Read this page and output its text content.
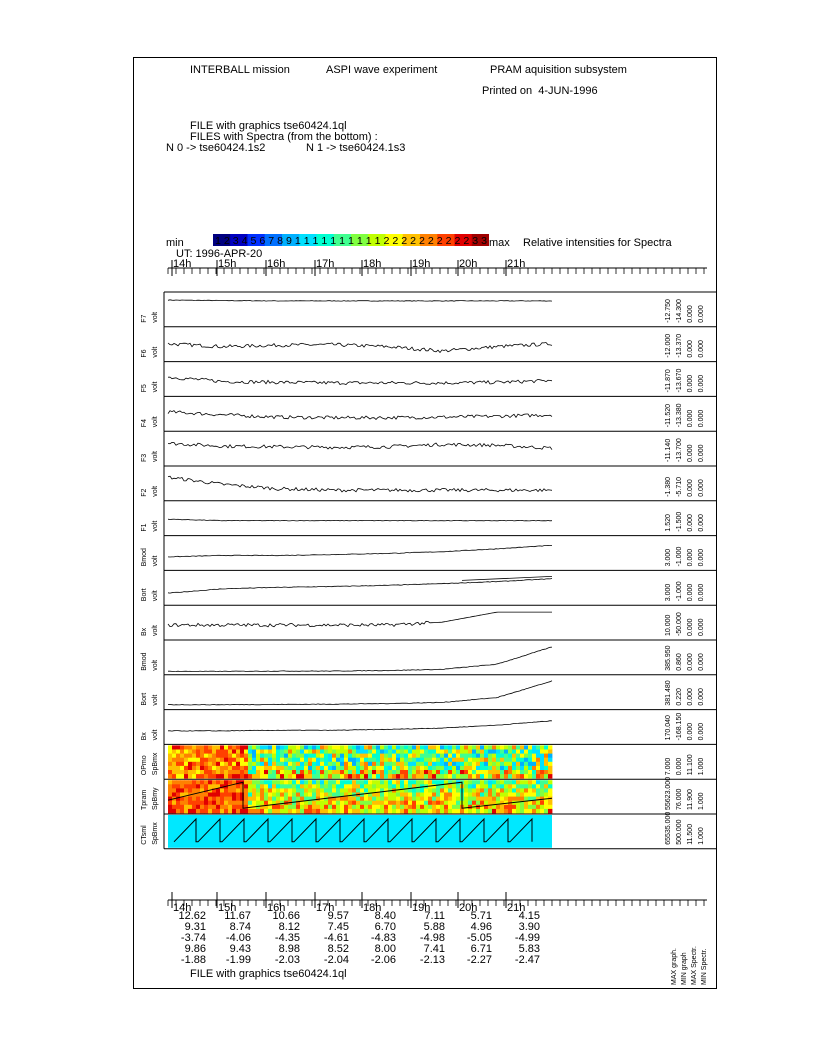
INTERBALL mission	ASPI wave experiment	PRAM aquisition subsystem
Printed on  4-JUN-1996
FILE with graphics tse60424.1ql
FILES with Spectra (from the bottom) :
N 0 -> tse60424.1s2	N 1 -> tse60424.1s3
min	1 2 3 4 5 6 7 8 9 1 1 1 1 1 1 1 1 1 1 2 2 2 2 2 2 2 2 2 2 3 3 max Relative intensities for Spectra
UT: 1996-APR-20
14h 15h	16h	17h	18h	19h	20h	21h
14h 15h	16h	17h	18h	19h	20h	21h
F7 volt	-12.750 -14.300 0.000 0.000
F6 volt	-12.000 -13.370 0.000 0.000
F5 volt	-11.870 -13.670 0.000 0.000
F4 volt	-11.520 -13.380 0.000 0.000
F3 volt	-11.140 -13.700 0.000 0.000
F2 volt	-1.380 -5.710 0.000 0.000
F1 volt	1.520 -1.500 0.000 0.000
Bmod volt	3.000 -1.000 0.000 0.000
Bort volt	3.000 -1.000 0.000 0.000
Bx volt	10.000 -50.000 0.000 0.000
Bmod volt	385.950 0.860 0.000 0.000
Bort volt	381.480 0.220 0.000 0.000
Bx volt	170.040 -168.150 0.000 0.000
OPmo SpBmx	7.000 0.000 11.100 1.000
Tpram SpBmy	55623.000 76.000 11.900 1.000
CTsml SpBmx	65535.000 500.000 11.500 1.000
MAX graph. MIN graph MAX Spectr. MIN Spectr.
12.62	11.67	10.66	9.57	8.40	7.11	5.71	4.15
9.31	8.74	8.12	7.45	6.70	5.88	4.96	3.90
-3.74	-4.06	-4.35	-4.61	-4.83	-4.98	-5.05	-4.99
9.86	9.43	8.98	8.52	8.00	7.41	6.71	5.83
-1.88	-1.99	-2.03	-2.04	-2.06	-2.13	-2.27	-2.47
FILE with graphics tse60424.1ql
